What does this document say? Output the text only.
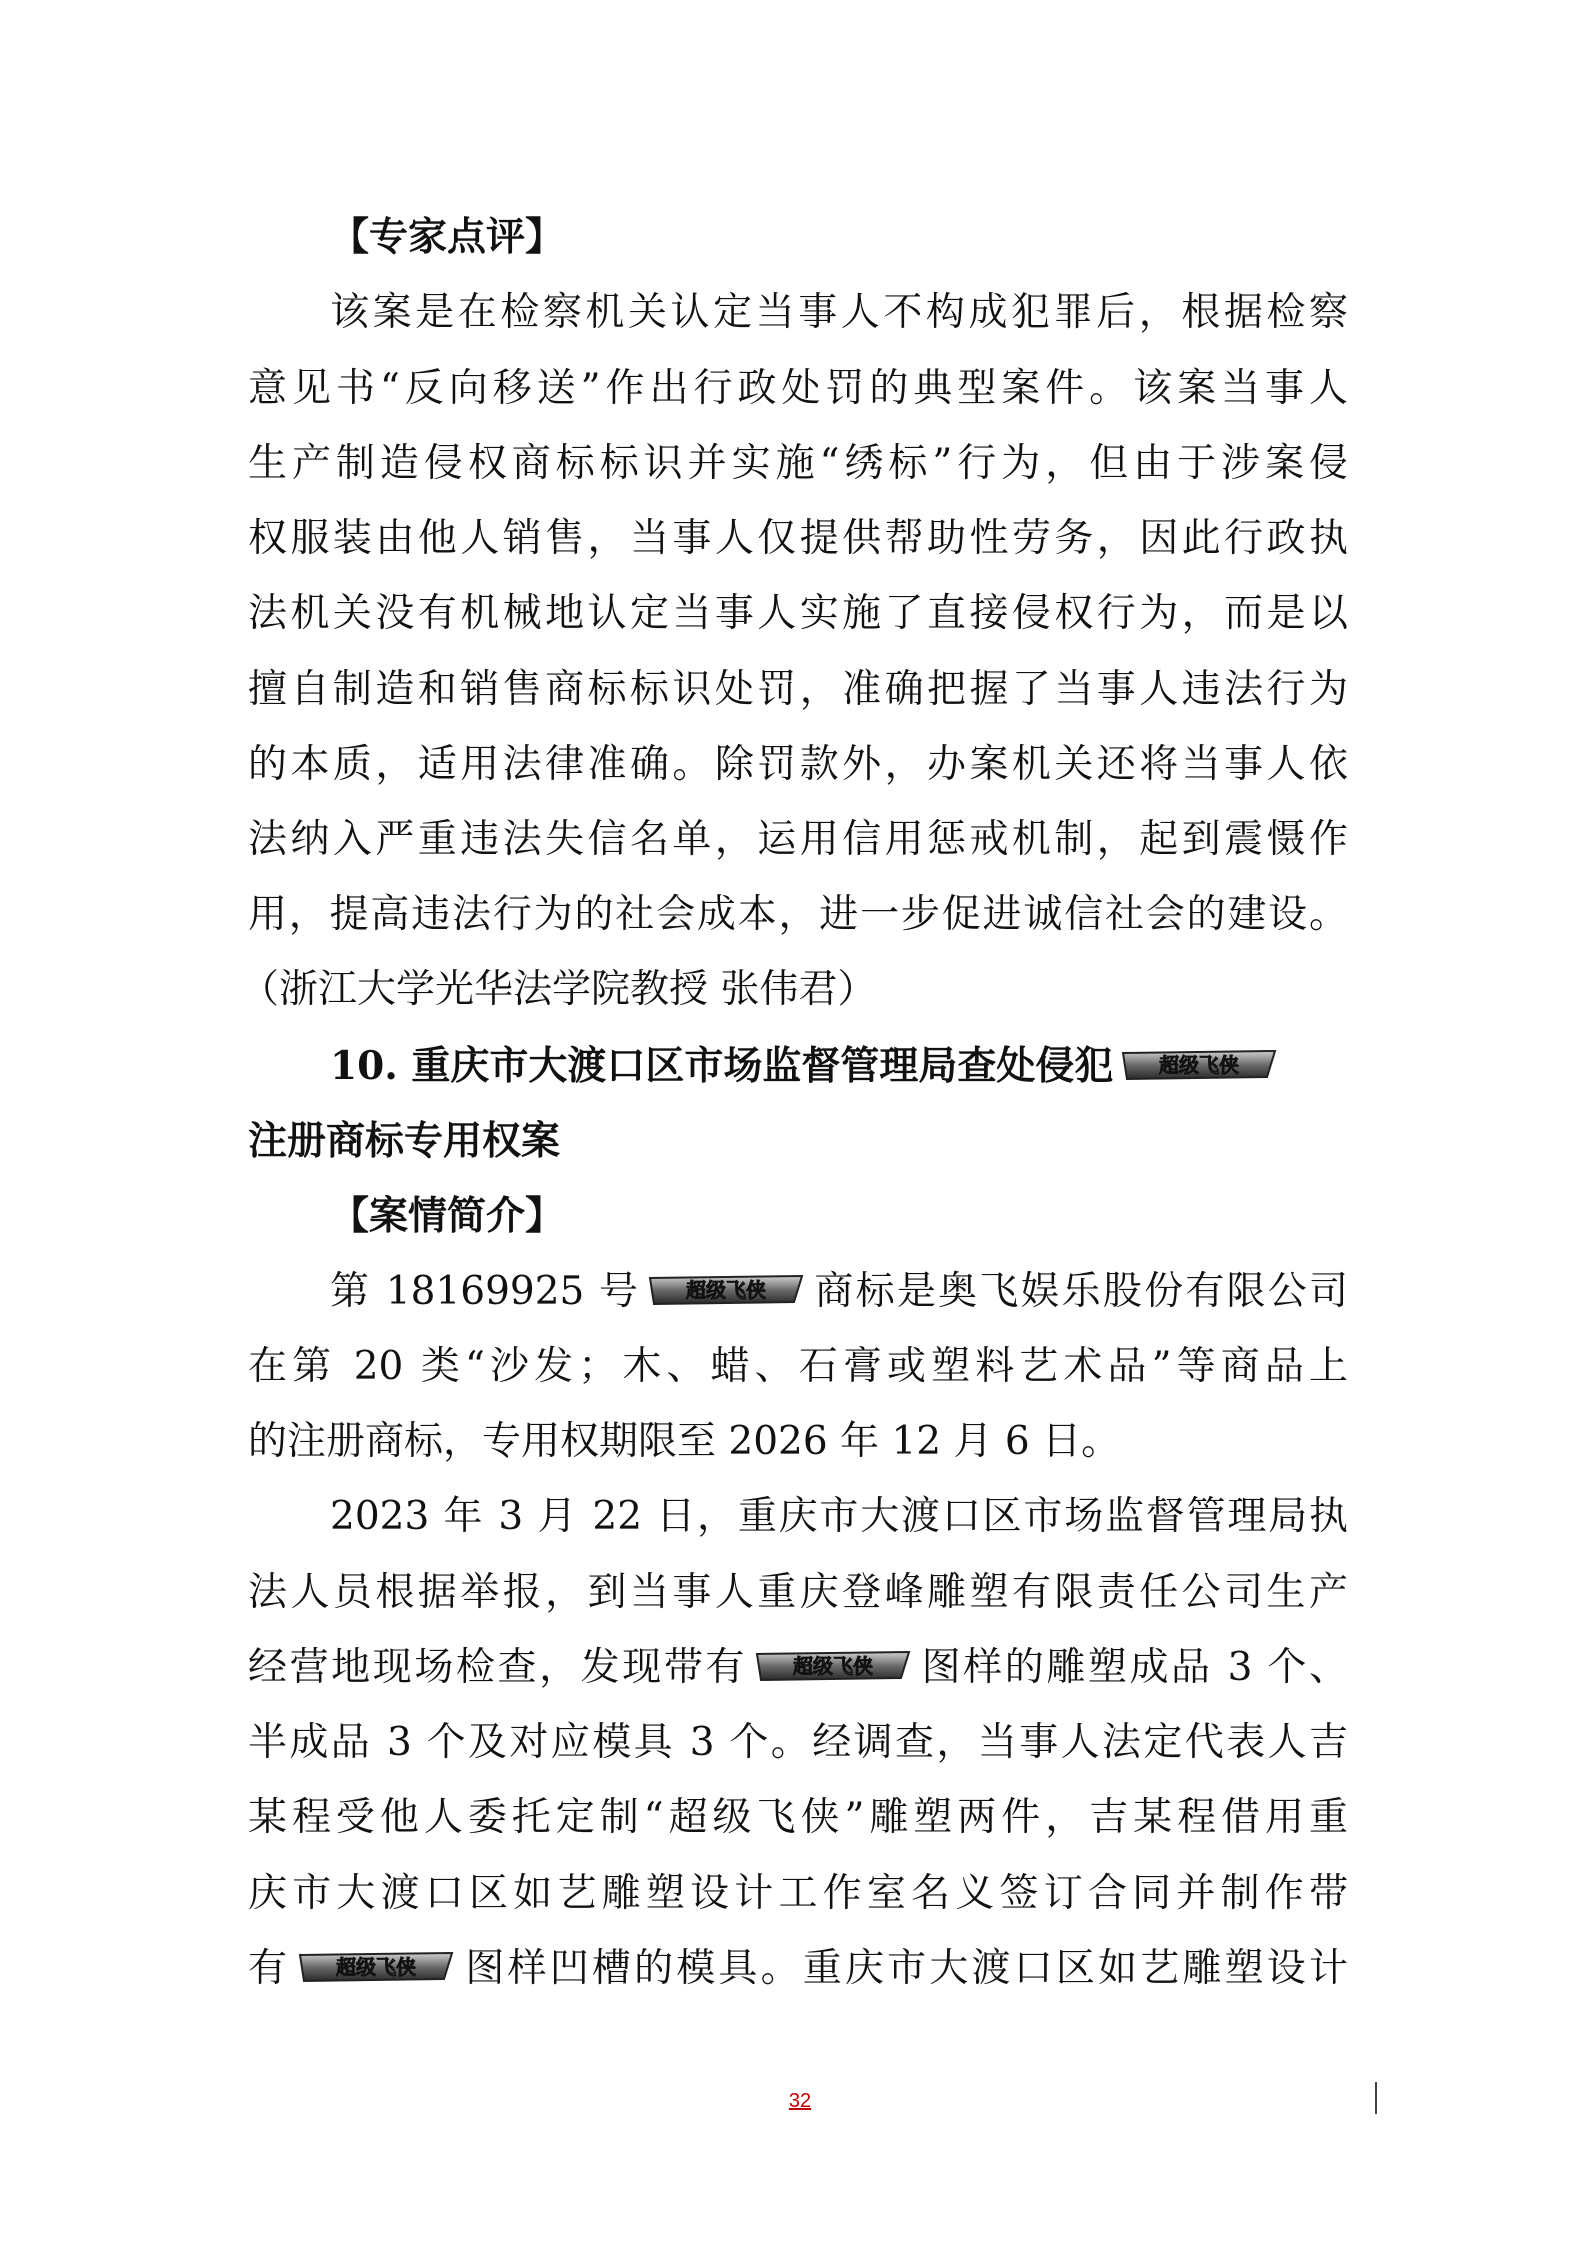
【专家点评】
该案是在检察机关认定当事人不构成犯罪后，根据检察
意见书“反向移送”作出行政处罚的典型案件。该案当事人
生产制造侵权商标标识并实施“绣标”行为，但由于涉案侵
权服装由他人销售，当事人仅提供帮助性劳务，因此行政执
法机关没有机械地认定当事人实施了直接侵权行为，而是以
擅自制造和销售商标标识处罚，准确把握了当事人违法行为
的本质，适用法律准确。除罚款外，办案机关还将当事人依
法纳入严重违法失信名单，运用信用惩戒机制，起到震慑作
用，提高违法行为的社会成本，进一步促进诚信社会的建设。
（浙江大学光华法学院教授 张伟君）
10. 重庆市大渡口区市场监督管理局查处侵犯 超级飞侠
注册商标专用权案
【案情简介】
第 18169925 号 超级飞侠 商标是奥飞娱乐股份有限公司
在第 20 类“沙发；木、蜡、石膏或塑料艺术品”等商品上
的注册商标，专用权期限至 2026 年 12 月 6 日。
2023 年 3 月 22 日，重庆市大渡口区市场监督管理局执
法人员根据举报，到当事人重庆登峰雕塑有限责任公司生产
经营地现场检查，发现带有 超级飞侠 图样的雕塑成品 3 个、
半成品 3 个及对应模具 3 个。经调查，当事人法定代表人吉
某程受他人委托定制“超级飞侠”雕塑两件，吉某程借用重
庆市大渡口区如艺雕塑设计工作室名义签订合同并制作带
有 超级飞侠 图样凹槽的模具。重庆市大渡口区如艺雕塑设计
32
